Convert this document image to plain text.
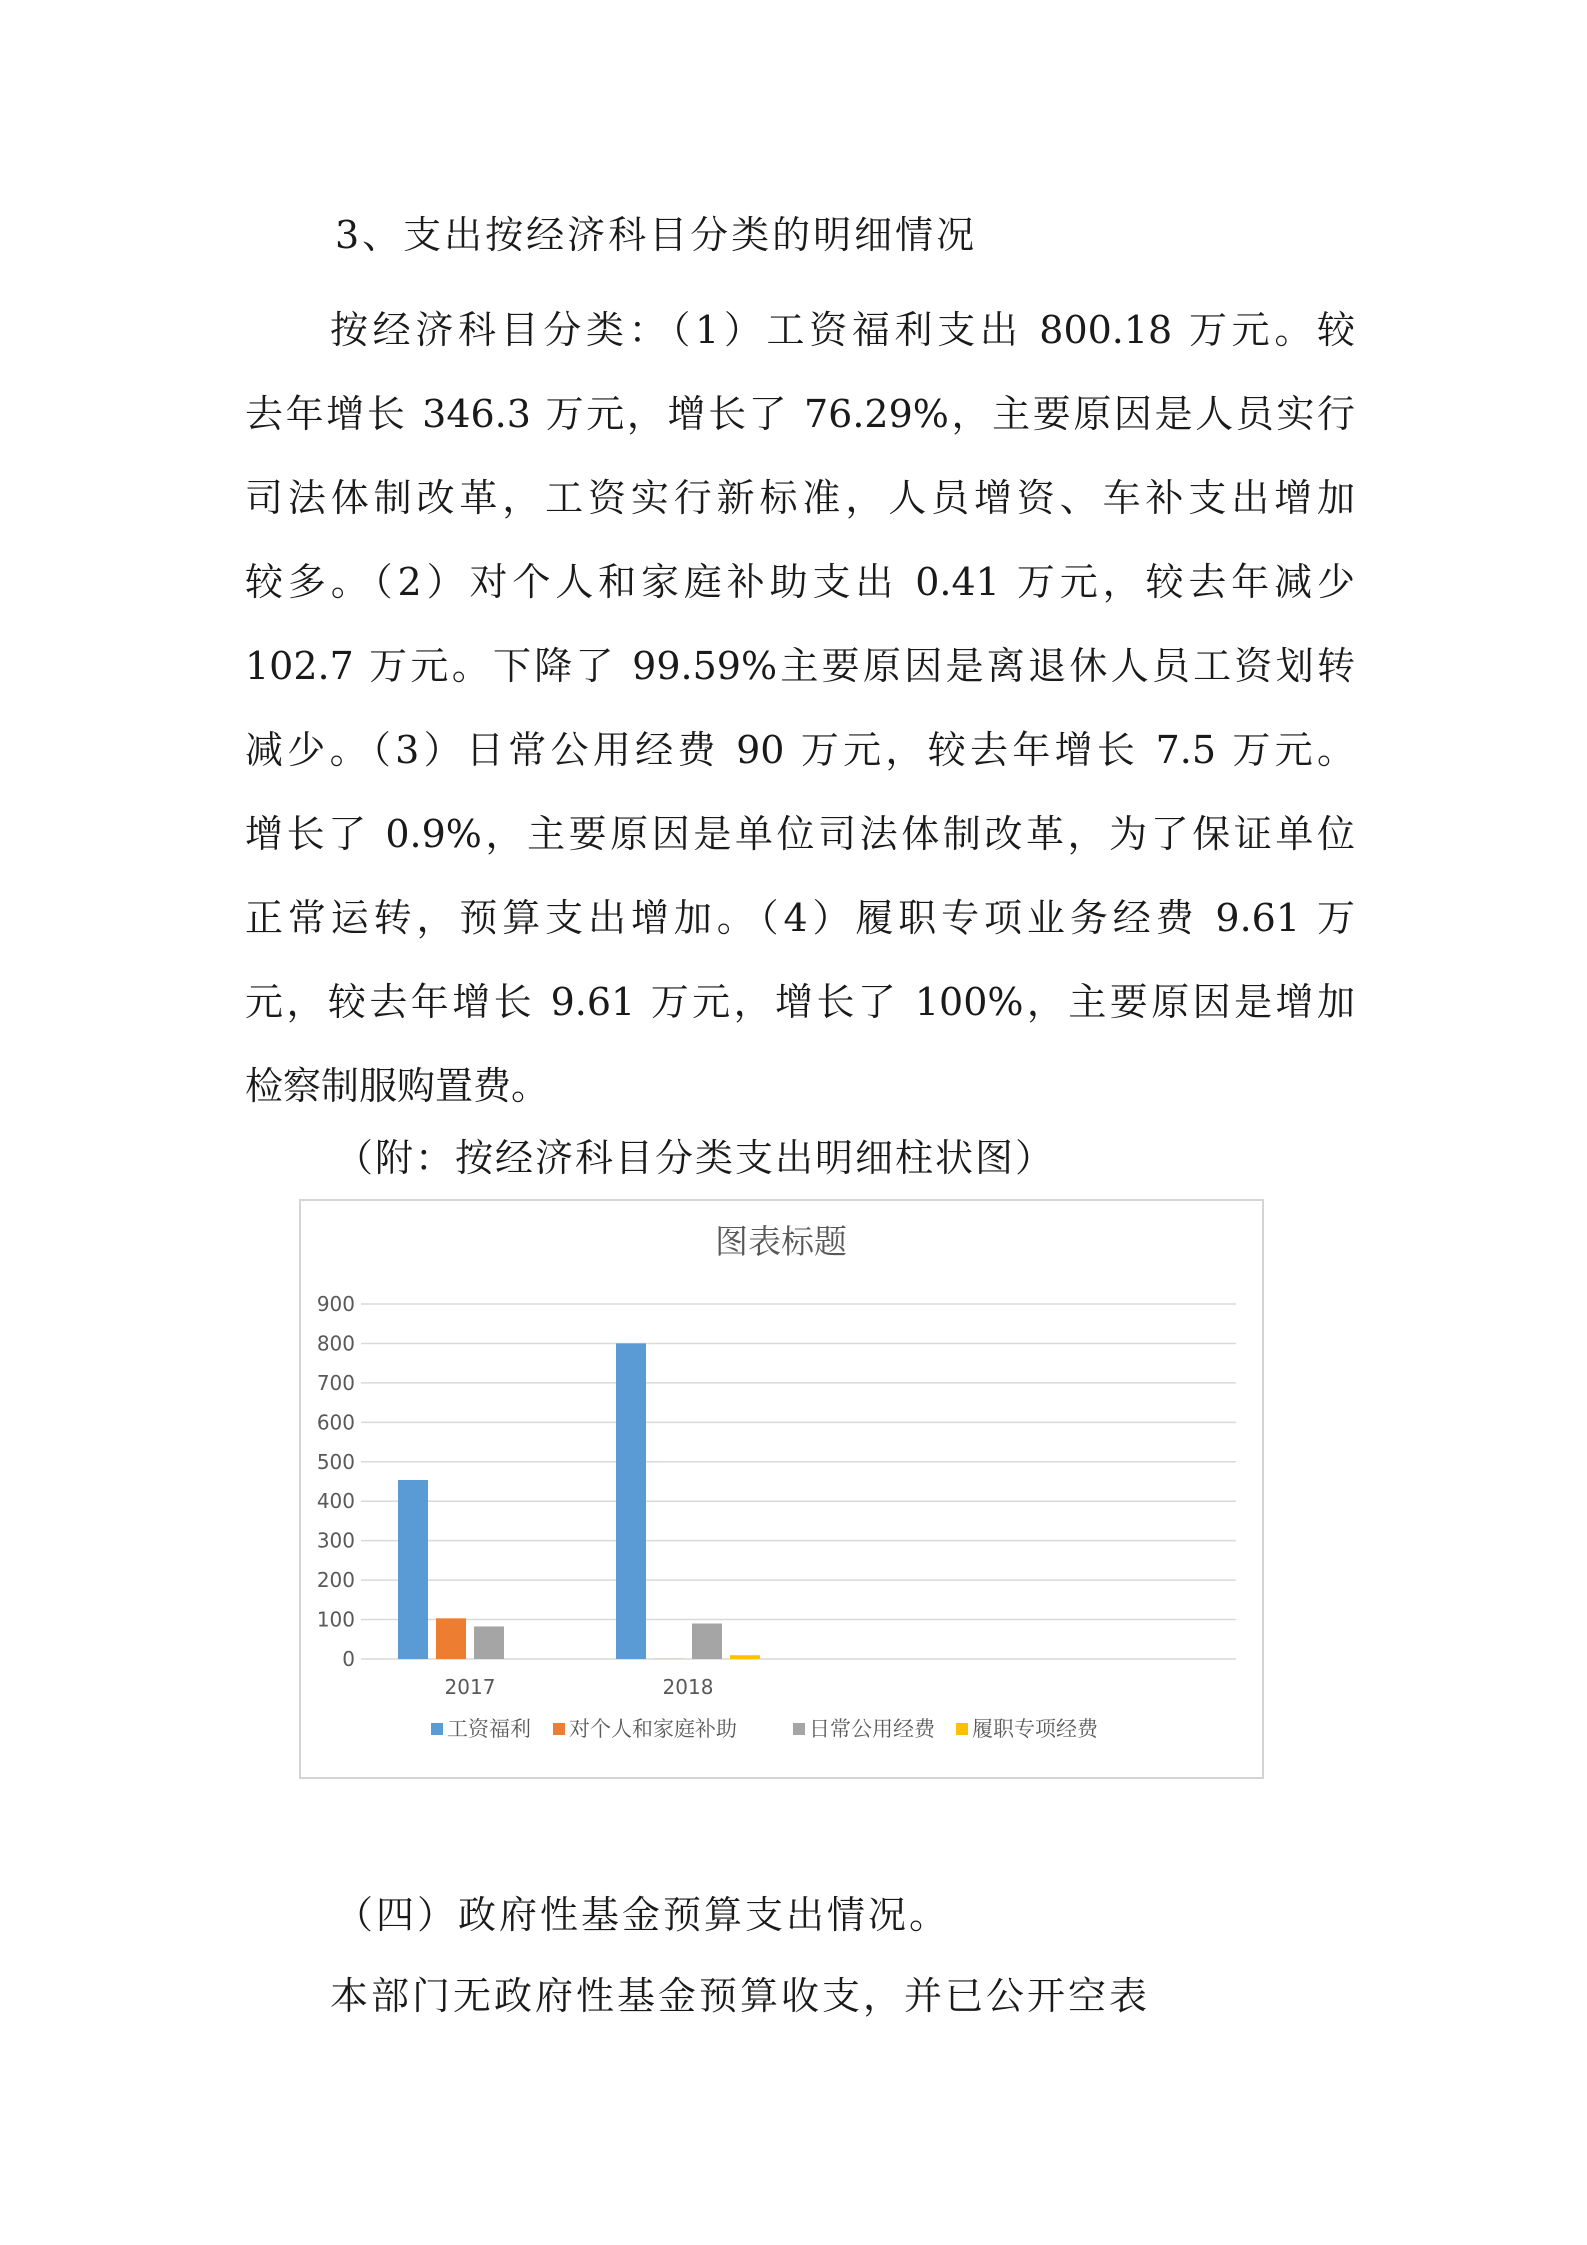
3、支出按经济科目分类的明细情况
按经济科目分类：（1）工资福利支出 800.18 万元。较
去年增长 346.3 万元，增长了 76.29%，主要原因是人员实行
司法体制改革，工资实行新标准，人员增资、车补支出增加
较多。（2）对个人和家庭补助支出 0.41 万元，较去年减少
102.7 万元。下降了 99.59%主要原因是离退休人员工资划转
减少。（3）日常公用经费 90 万元，较去年增长 7.5 万元。
增长了 0.9%，主要原因是单位司法体制改革，为了保证单位
正常运转，预算支出增加。（4）履职专项业务经费 9.61 万
元，较去年增长 9.61 万元，增长了 100%，主要原因是增加
检察制服购置费。
（附：按经济科目分类支出明细柱状图）
图表标题
0
100
200
300
400
500
600
700
800
900
2017	2018
工资福利 对个人和家庭补助	日常公用经费 履职专项经费
（四）政府性基金预算支出情况。
本部门无政府性基金预算收支，并已公开空表
